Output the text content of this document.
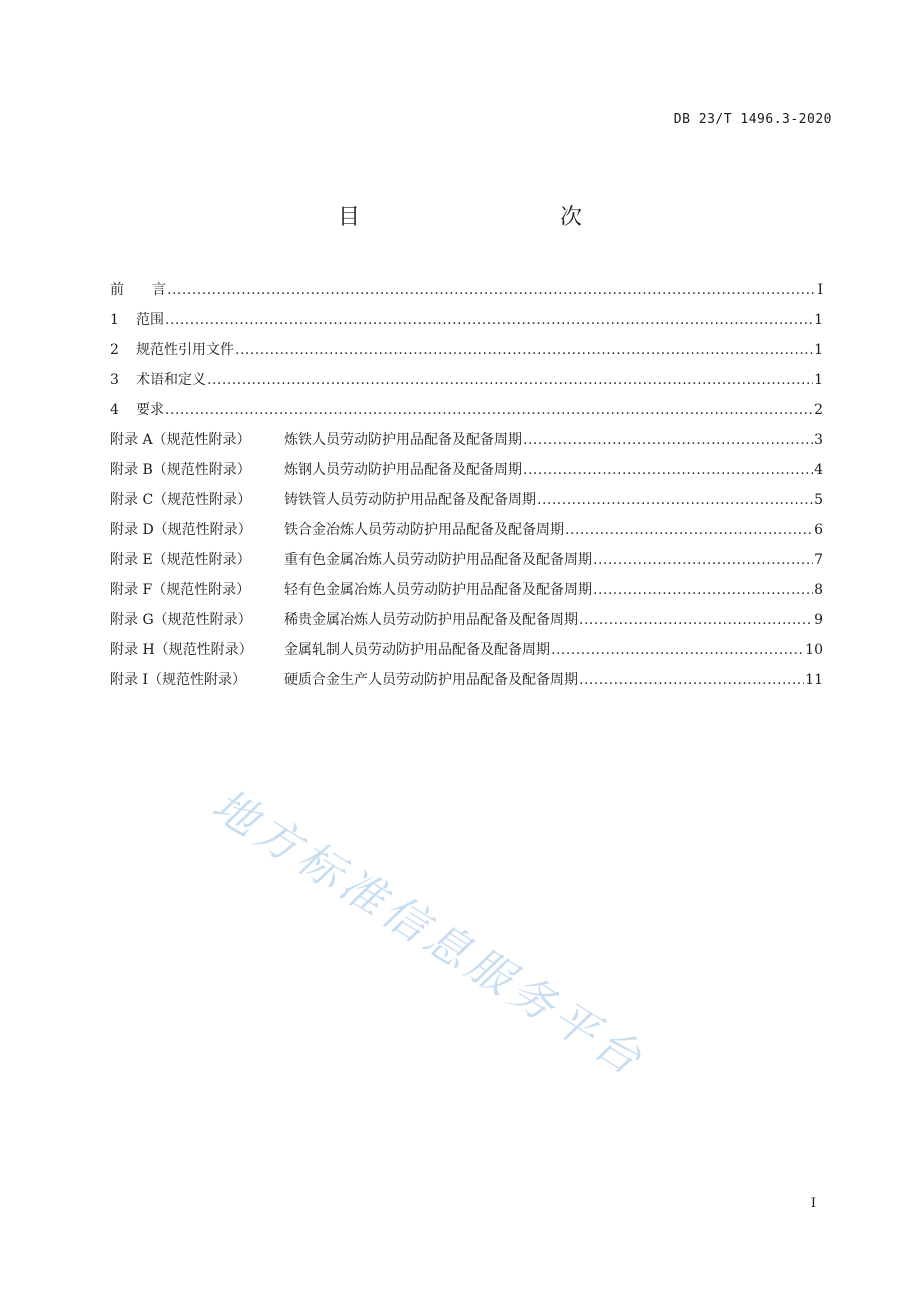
DB 23/T 1496.3-2020
目　　次
前　　言 .....	I
1 范围 .....	1
2 规范性引用文件 .....	1
3 术语和定义 .....	1
4 要求 .....	2
附录 A（规范性附录） 炼铁人员劳动防护用品配备及配备周期 .....	3
附录 B（规范性附录） 炼钢人员劳动防护用品配备及配备周期 .....	4
附录 C（规范性附录） 铸铁管人员劳动防护用品配备及配备周期 .....	5
附录 D（规范性附录） 铁合金冶炼人员劳动防护用品配备及配备周期 .....	6
附录 E（规范性附录） 重有色金属冶炼人员劳动防护用品配备及配备周期 .....	7
附录 F（规范性附录） 轻有色金属冶炼人员劳动防护用品配备及配备周期 .....	8
附录 G（规范性附录） 稀贵金属冶炼人员劳动防护用品配备及配备周期 .....	9
附录 H（规范性附录） 金属轧制人员劳动防护用品配备及配备周期 .....	10
附录 I（规范性附录）	硬质合金生产人员劳动防护用品配备及配备周期 .....	11
地方标准信息服务平台
I
